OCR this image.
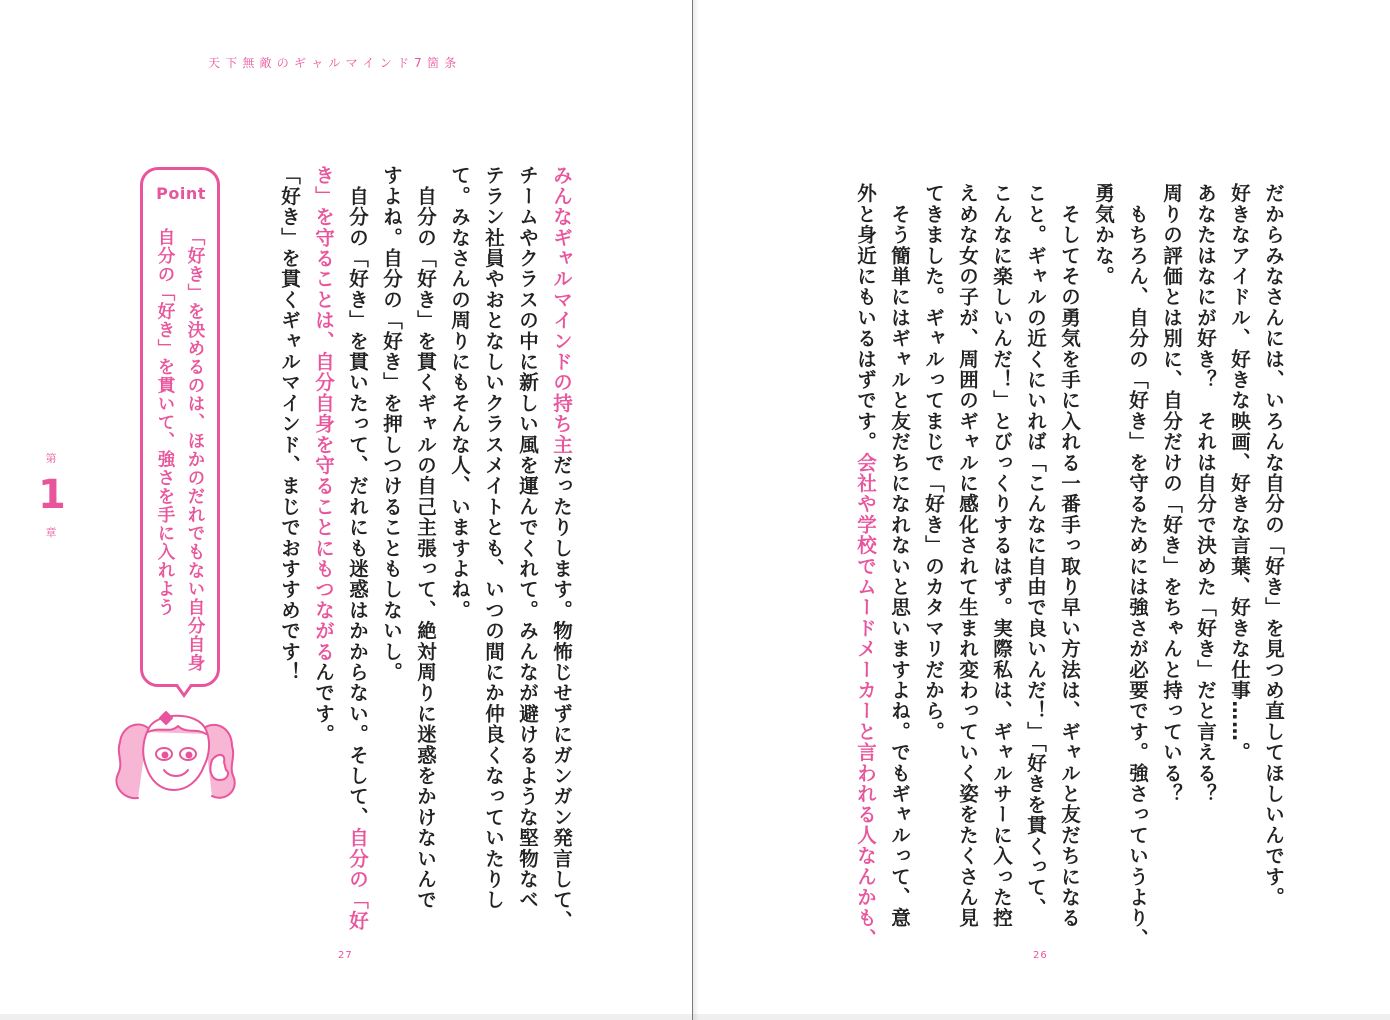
天下無敵のギャルマインド7箇条
第
1
章
みんなギャルマインドの持ち主だったりします。物怖じせずにガンガン発言して、
チームやクラスの中に新しい風を運んでくれて。みんなが避けるような堅物なベ
テラン社員やおとなしいクラスメイトとも、いつの間にか仲良くなっていたりし
て。みなさんの周りにもそんな人、いますよね。
　自分の「好き」を貫くギャルの自己主張って、絶対周りに迷惑をかけないんで
すよね。自分の「好き」を押しつけることもしないし。
　自分の「好き」を貫いたって、だれにも迷惑はかからない。そして、自分の「好
き」を守ることは、自分自身を守ることにもつながるんです。
「好き」を貫くギャルマインド、まじでおすすめです！
Point
「好き」を決めるのは、ほかのだれでもない自分自身
自分の「好き」を貫いて、強さを手に入れよう
27
だからみなさんには、いろんな自分の「好き」を見つめ直してほしいんです。
好きなアイドル、好きな映画、好きな言葉、好きな仕事……。
あなたはなにが好き？　それは自分で決めた「好き」だと言える？
周りの評価とは別に、自分だけの「好き」をちゃんと持っている？
　もちろん、自分の「好き」を守るためには強さが必要です。強さっていうより、
勇気かな。
　そしてその勇気を手に入れる一番手っ取り早い方法は、ギャルと友だちになる
こと。ギャルの近くにいれば「こんなに自由で良いんだ！」「好きを貫くって、
こんなに楽しいんだ！」とびっくりするはず。実際私は、ギャルサーに入った控
えめな女の子が、周囲のギャルに感化されて生まれ変わっていく姿をたくさん見
てきました。ギャルってまじで「好き」のカタマリだから。
　そう簡単にはギャルと友だちになれないと思いますよね。でもギャルって、意
外と身近にもいるはずです。会社や学校でムードメーカーと言われる人なんかも、
26
